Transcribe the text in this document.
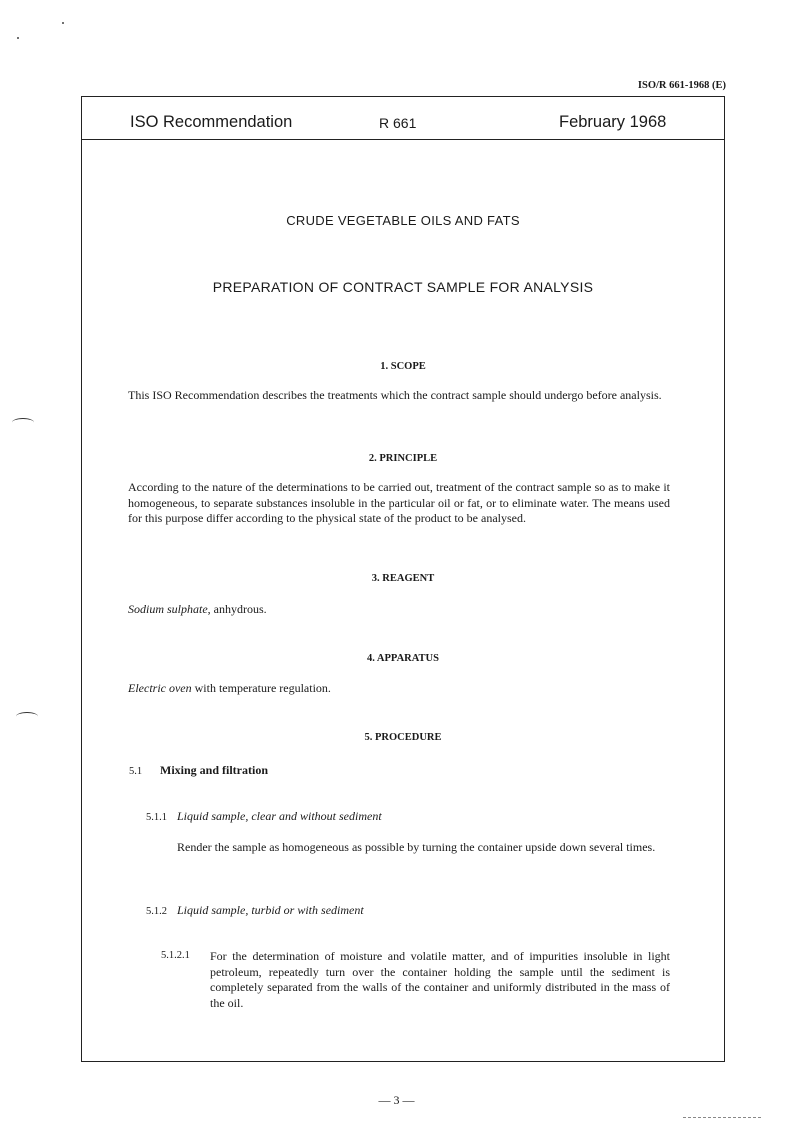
ISO/R 661-1968 (E)
ISO Recommendation	R 661	February 1968
CRUDE VEGETABLE OILS AND FATS
PREPARATION OF CONTRACT SAMPLE FOR ANALYSIS
1. SCOPE
This ISO Recommendation describes the treatments which the contract sample should undergo before analysis.
2. PRINCIPLE
According to the nature of the determinations to be carried out, treatment of the contract sample so as to make it homogeneous, to separate substances insoluble in the particular oil or fat, or to eliminate water. The means used for this purpose differ according to the physical state of the product to be analysed.
3. REAGENT
Sodium sulphate, anhydrous.
4. APPARATUS
Electric oven with temperature regulation.
5. PROCEDURE
5.1 Mixing and filtration
5.1.1 Liquid sample, clear and without sediment
Render the sample as homogeneous as possible by turning the container upside down several times.
5.1.2 Liquid sample, turbid or with sediment
5.1.2.1 For the determination of moisture and volatile matter, and of impurities insoluble in light petroleum, repeatedly turn over the container holding the sample until the sediment is completely separated from the walls of the container and uniformly distributed in the mass of the oil.
— 3 —
